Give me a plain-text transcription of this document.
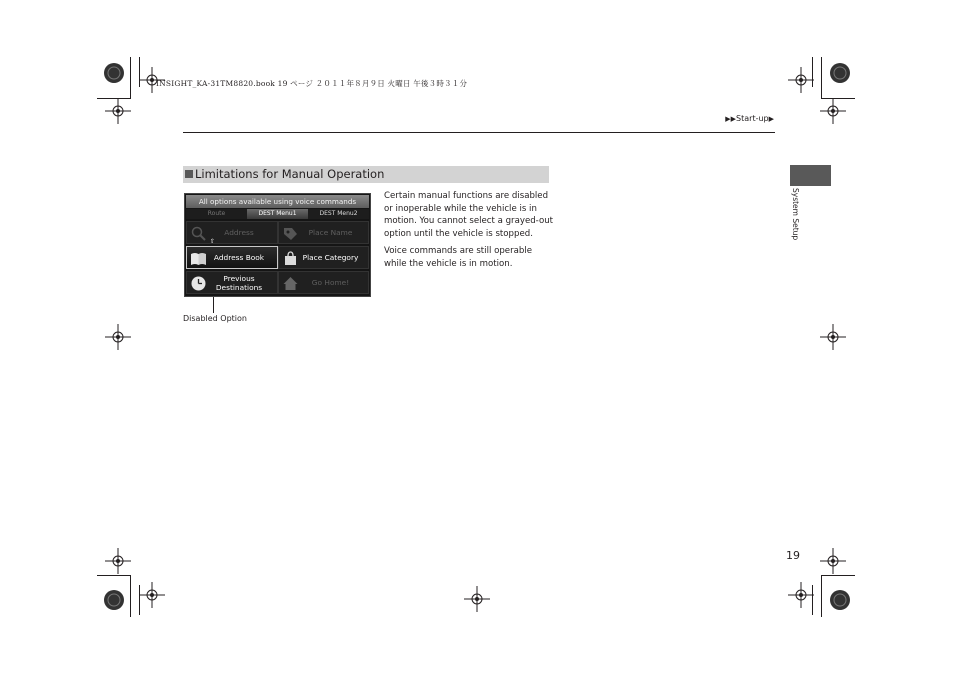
INSIGHT_KA-31TM8820.book 19 ページ ２０１１年８月９日 火曜日 午後３時３１分
▶▶Start-up▶
System Setup
Limitations for Manual Operation
All options available using voice commands
Route	DEST Menu1	DEST Menu2
Address	Place Name
Address Book	Place Category
Previous Destinations	Go Home!
⇧
Disabled Option

Certain manual functions are disabled or inoperable while the vehicle is in motion. You cannot select a grayed-out option until the vehicle is stopped.

Voice commands are still operable while the vehicle is in motion.

19
